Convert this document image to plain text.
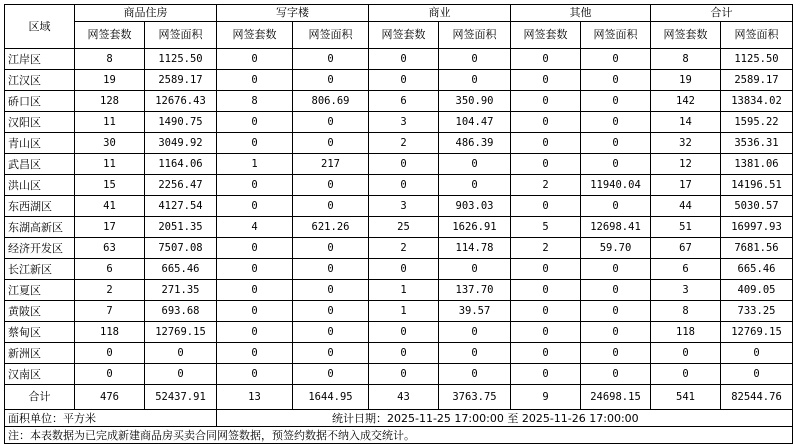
区域	商品住房		写字楼		商业		其他		合计	
	网签套数	网签面积	网签套数	网签面积	网签套数	网签面积	网签套数	网签面积	网签套数	网签面积
江岸区	8	1125.50	0	0	0	0	0	0	8	1125.50
江汉区	19	2589.17	0	0	0	0	0	0	19	2589.17
硚口区	128	12676.43	8	806.69	6	350.90	0	0	142	13834.02
汉阳区	11	1490.75	0	0	3	104.47	0	0	14	1595.22
青山区	30	3049.92	0	0	2	486.39	0	0	32	3536.31
武昌区	11	1164.06	1	217	0	0	0	0	12	1381.06
洪山区	15	2256.47	0	0	0	0	2	11940.04	17	14196.51
东西湖区	41	4127.54	0	0	3	903.03	0	0	44	5030.57
东湖高新区	17	2051.35	4	621.26	25	1626.91	5	12698.41	51	16997.93
经济开发区	63	7507.08	0	0	2	114.78	2	59.70	67	7681.56
长江新区	6	665.46	0	0	0	0	0	0	6	665.46
江夏区	2	271.35	0	0	1	137.70	0	0	3	409.05
黄陂区	7	693.68	0	0	1	39.57	0	0	8	733.25
蔡甸区	118	12769.15	0	0	0	0	0	0	118	12769.15
新洲区	0	0	0	0	0	0	0	0	0	0
汉南区	0	0	0	0	0	0	0	0	0	0
合计	476	52437.91	13	1644.95	43	3763.75	9	24698.15	541	82544.76
面积单位：平方米			统计日期：2025-11-25 17:00:00 至 2025-11-26 17:00:00							
注：本表数据为已完成新建商品房买卖合同网签数据，预签约数据不纳入成交统计。										
